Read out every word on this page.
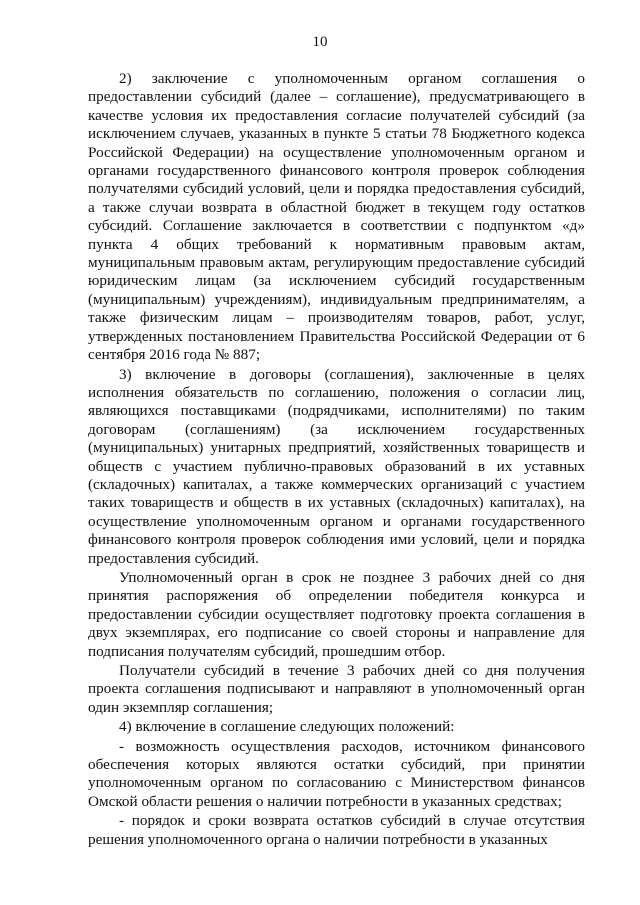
10

2) заключение с уполномоченным органом соглашения о предоставлении субсидий (далее – соглашение), предусматривающего в качестве условия их предоставления согласие получателей субсидий (за исключением случаев, указанных в пункте 5 статьи 78 Бюджетного кодекса Российской Федерации) на осуществление уполномоченным органом и органами государственного финансового контроля проверок соблюдения получателями субсидий условий, цели и порядка предоставления субсидий, а также случаи возврата в областной бюджет в текущем году остатков субсидий. Соглашение заключается в соответствии с подпунктом «д» пункта 4 общих требований к нормативным правовым актам, муниципальным правовым актам, регулирующим предоставление субсидий юридическим лицам (за исключением субсидий государственным (муниципальным) учреждениям), индивидуальным предпринимателям, а также физическим лицам – производителям товаров, работ, услуг, утвержденных постановлением Правительства Российской Федерации от 6 сентября 2016 года № 887;

3) включение в договоры (соглашения), заключенные в целях исполнения обязательств по соглашению, положения о согласии лиц, являющихся поставщиками (подрядчиками, исполнителями) по таким договорам (соглашениям) (за исключением государственных (муниципальных) унитарных предприятий, хозяйственных товариществ и обществ с участием публично-правовых образований в их уставных (складочных) капиталах, а также коммерческих организаций с участием таких товариществ и обществ в их уставных (складочных) капиталах), на осуществление уполномоченным органом и органами государственного финансового контроля проверок соблюдения ими условий, цели и порядка предоставления субсидий.

Уполномоченный орган в срок не позднее 3 рабочих дней со дня принятия распоряжения об определении победителя конкурса и предоставлении субсидии осуществляет подготовку проекта соглашения в двух экземплярах, его подписание со своей стороны и направление для подписания получателям субсидий, прошедшим отбор.

Получатели субсидий в течение 3 рабочих дней со дня получения проекта соглашения подписывают и направляют в уполномоченный орган один экземпляр соглашения;

4) включение в соглашение следующих положений:

- возможность осуществления расходов, источником финансового обеспечения которых являются остатки субсидий, при принятии уполномоченным органом по согласованию с Министерством финансов Омской области решения о наличии потребности в указанных средствах;

- порядок и сроки возврата остатков субсидий в случае отсутствия решения уполномоченного органа о наличии потребности в указанных
